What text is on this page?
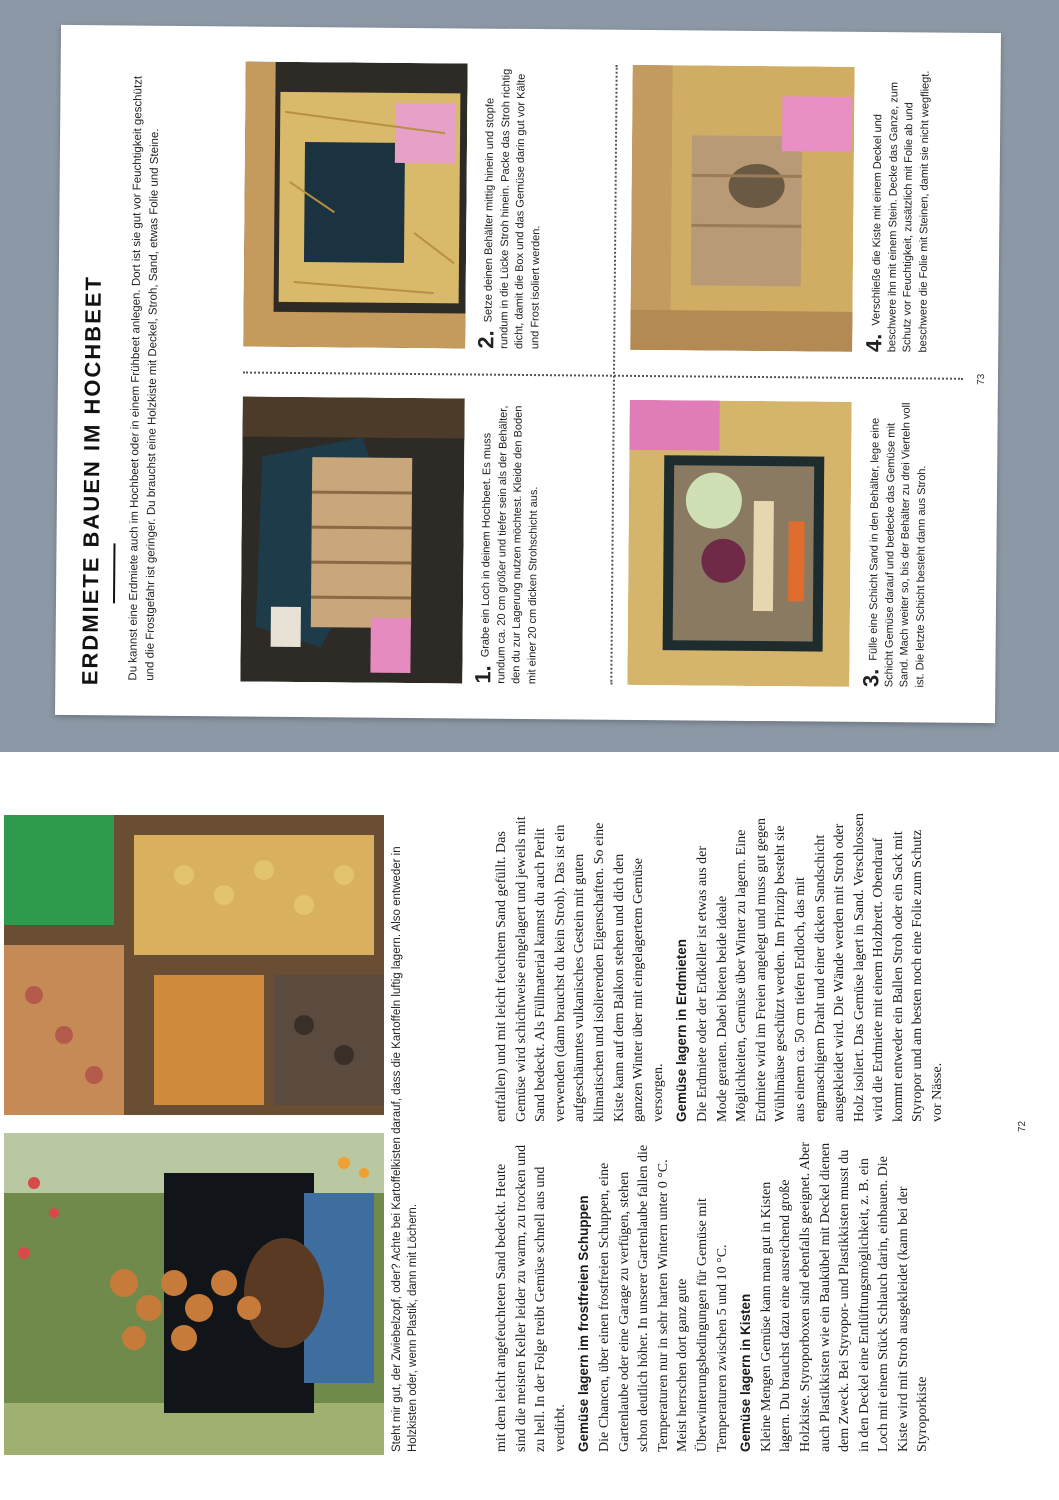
ERDMIETE BAUEN IM HOCHBEET Du kannst eine Erdmiete auch im Hochbeet oder in einem Frühbeet anlegen. Dort ist sie gut vor Feuchtigkeit geschützt und die Frostgefahr ist geringer. Du brauchst eine Holzkiste mit Deckel, Stroh, Sand, etwas Folie und Steine.	1.Grabe ein Loch in deinem Hochbeet. Es muss rundum ca. 20 cm größer und tiefer sein als der Behälter, den du zur Lagerung nutzen möchtest. Kleide den Boden mit einer 20 cm dicken Strohschicht aus.
2.Setze deinen Behälter mittig hinein und stopfe rundum in die Lücke Stroh hinein. Packe das Stroh richtig dicht, damit die Box und das Gemüse darin gut vor Kälte und Frost isoliert werden.
3.Fülle eine Schicht Sand in den Behälter, lege eine Schicht Gemüse darauf und bedecke das Gemüse mit Sand. Mach weiter so, bis der Behälter zu drei Vierteln voll ist. Die letzte Schicht besteht dann aus Stroh.
4.Verschließe die Kiste mit einem Deckel und beschwere ihn mit einem Stein. Decke das Ganze, zum Schutz vor Feuchtigkeit, zusätzlich mit Folie ab und beschwere die Folie mit Steinen, damit sie nicht wegfliegt.
73
Steht mir gut, der Zwiebelzopf, oder? Achte bei Kartoffelkisten darauf, dass die Kartoffeln luftig lagern. Also entweder in Holzkisten oder, wenn Plastik, dann mit Löchern.	mit dem leicht angefeuchteten Sand bedeckt. Heute sind die meisten Keller leider zu warm, zu trocken und zu hell. In der Folge treibt Gemüse schnell aus und verdirbt. Gemüse lagern im frostfreien Schuppen Die Chancen, über einen frostfreien Schuppen, eine Gartenlaube oder eine Garage zu verfügen, stehen schon deutlich höher. In unserer Gartenlaube fallen die Temperaturen nur in sehr harten Wintern unter 0 °C. Meist herrschen dort ganz gute Überwinterungsbedingungen für Gemüse mit Temperaturen zwischen 5 und 10 °C. Gemüse lagern in Kisten Kleine Mengen Gemüse kann man gut in Kisten lagern. Du brauchst dazu eine ausreichend große Holzkiste. Styroporboxen sind ebenfalls geeignet. Aber auch Plastikkisten wie ein Baukübel mit Deckel dienen dem Zweck. Bei Styropor- und Plastikkisten musst du in den Deckel eine Entlüftungsmöglichkeit, z. B. ein Loch mit einem Stück Schlauch darin, einbauen. Die Kiste wird mit Stroh ausgekleidet (kann bei der Styroporkiste
entfallen) und mit leicht feuchtem Sand gefüllt. Das Gemüse wird schichtweise eingelagert und jeweils mit Sand bedeckt. Als Füllmaterial kannst du auch Perlit verwenden (dann brauchst du kein Stroh). Das ist ein aufgeschäumtes vulkanisches Gestein mit guten klimatischen und isolierenden Eigenschaften. So eine Kiste kann auf dem Balkon stehen und dich den ganzen Winter über mit eingelagertem Gemüse versorgen. Gemüse lagern in Erdmieten Die Erdmiete oder der Erdkeller ist etwas aus der Mode geraten. Dabei bieten beide ideale Möglichkeiten, Gemüse über Winter zu lagern. Eine Erdmiete wird im Freien angelegt und muss gut gegen Wühlmäuse geschützt werden. Im Prinzip besteht sie aus einem ca. 50 cm tiefen Erdloch, das mit engmaschigem Draht und einer dicken Sandschicht ausgekleidet wird. Die Wände werden mit Stroh oder Holz isoliert. Das Gemüse lagert in Sand. Verschlossen wird die Erdmiete mit einem Holzbrett. Obendrauf kommt entweder ein Ballen Stroh oder ein Sack mit Styropor und am besten noch eine Folie zum Schutz vor Nässe.
72
